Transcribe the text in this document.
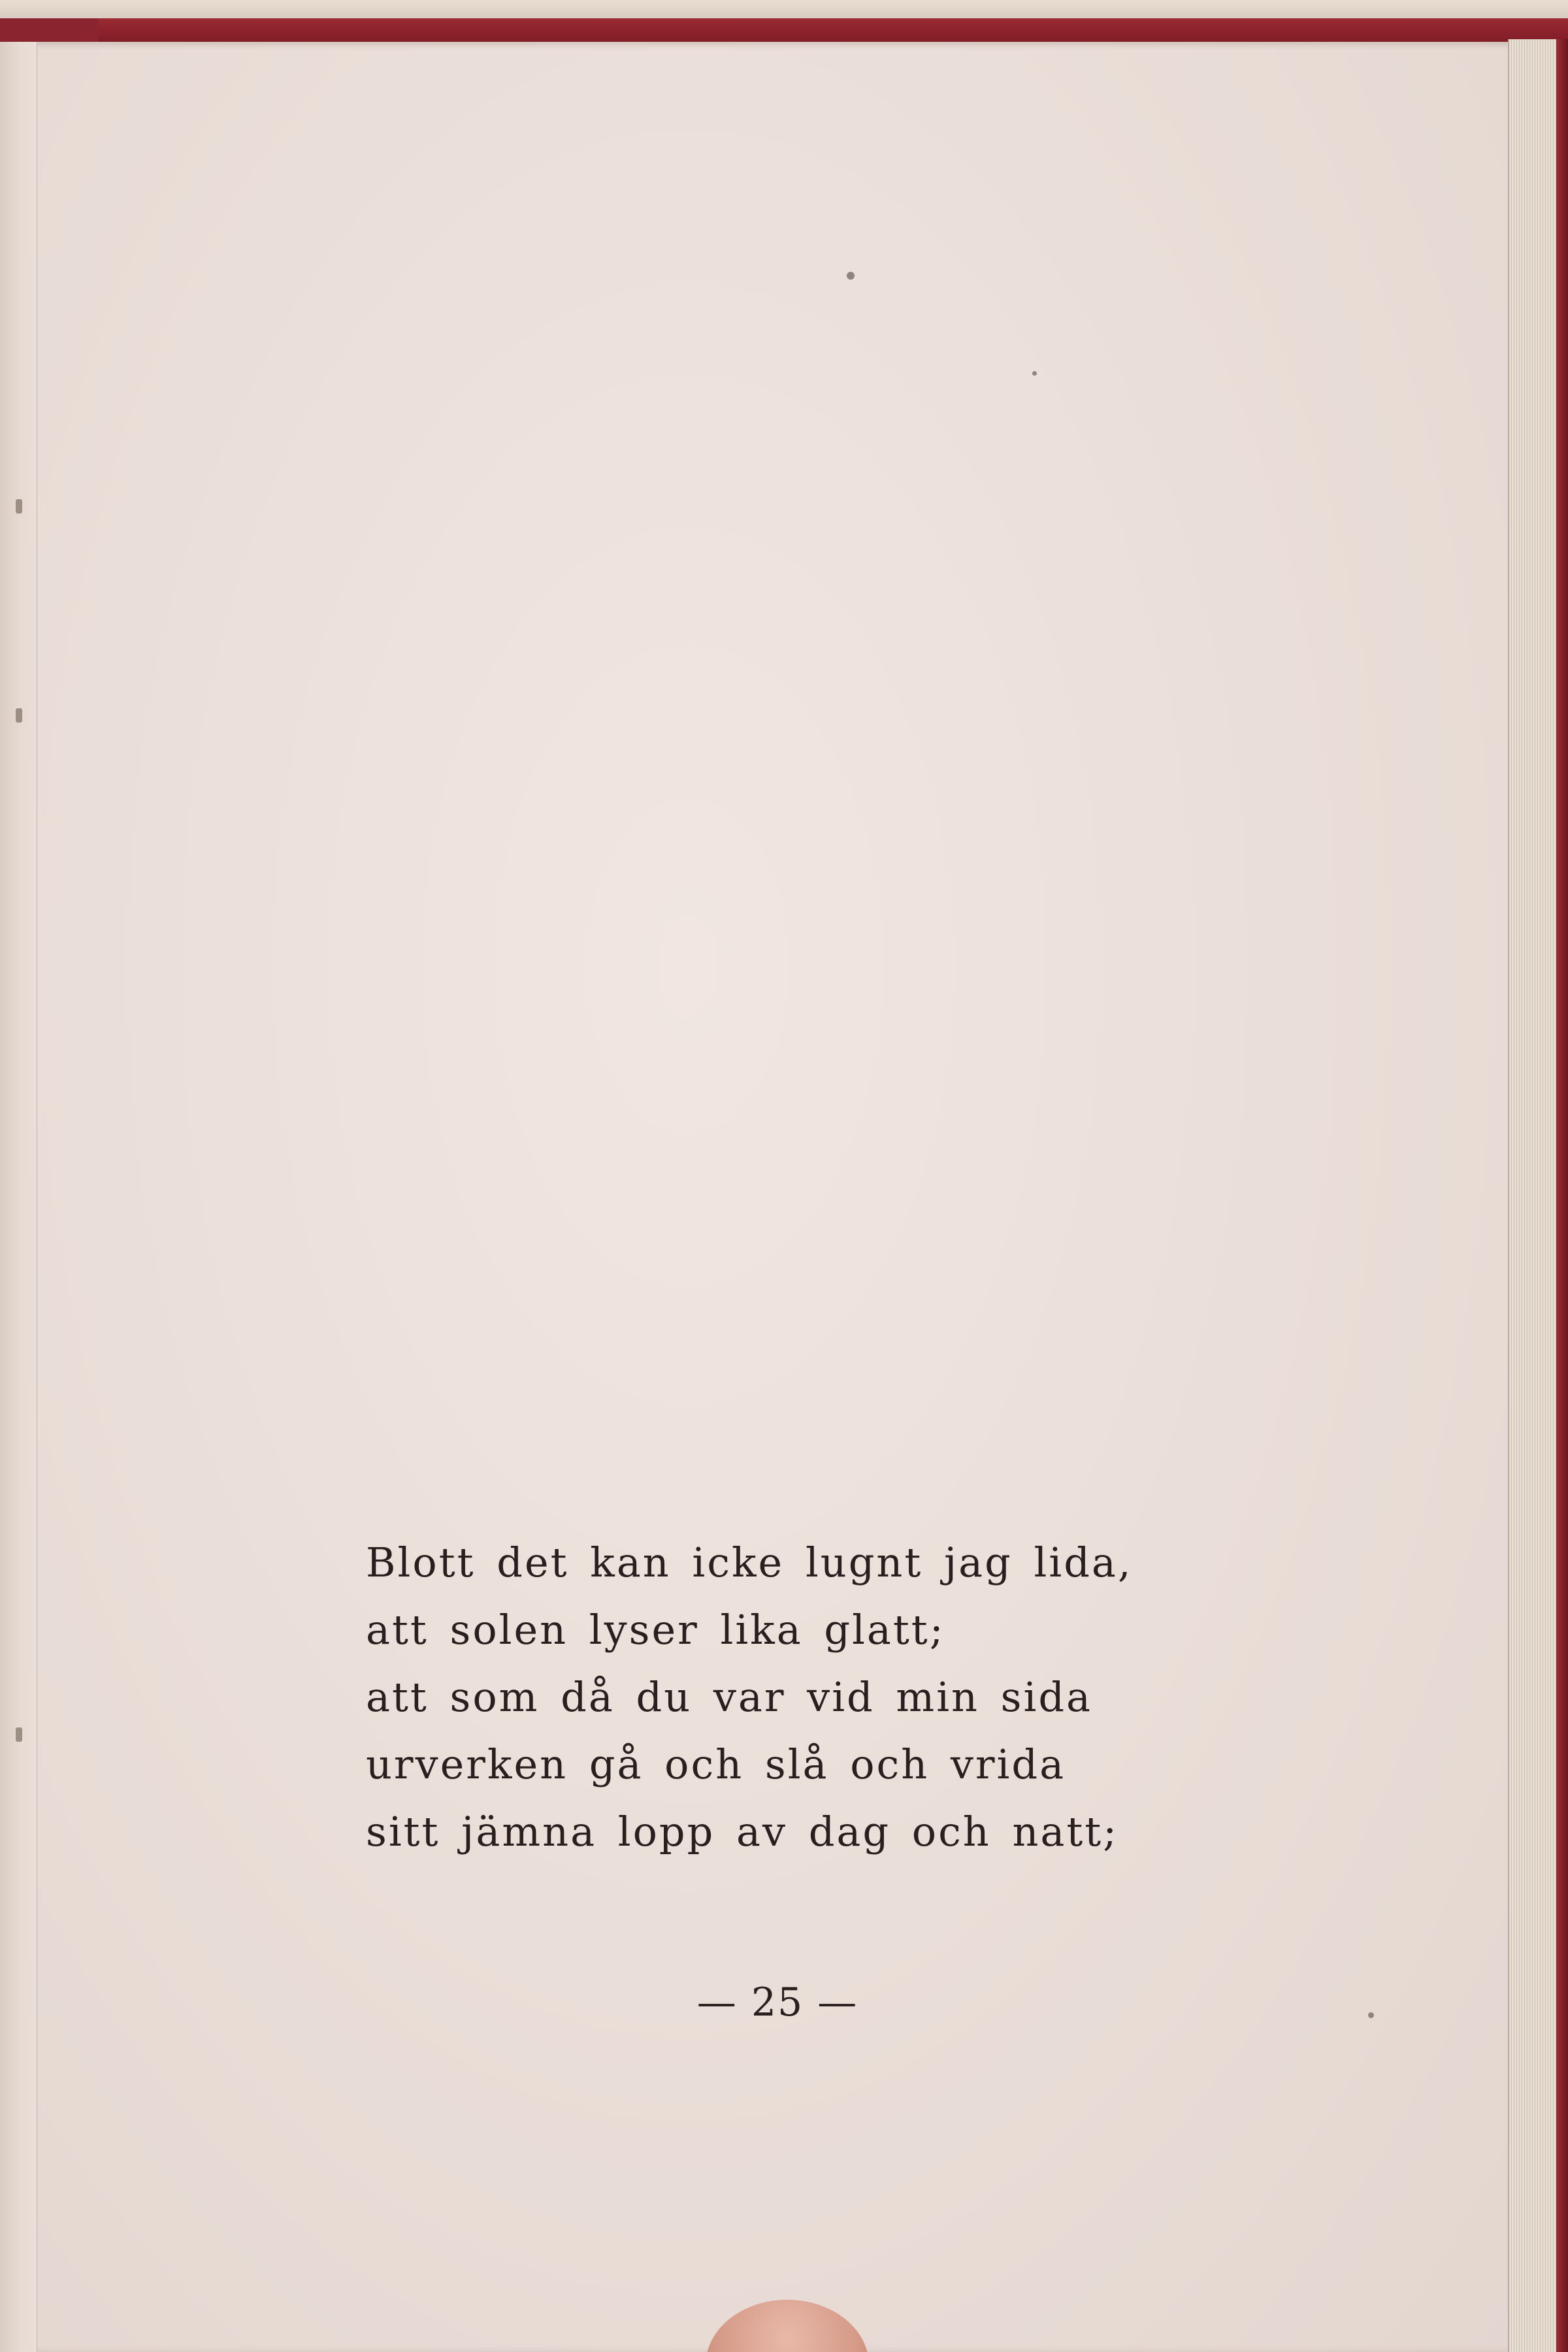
Blott det kan icke lugnt jag lida,
att solen lyser lika glatt;
att som då du var vid min sida
urverken gå och slå och vrida
sitt jämna lopp av dag och natt;
— 25 —
